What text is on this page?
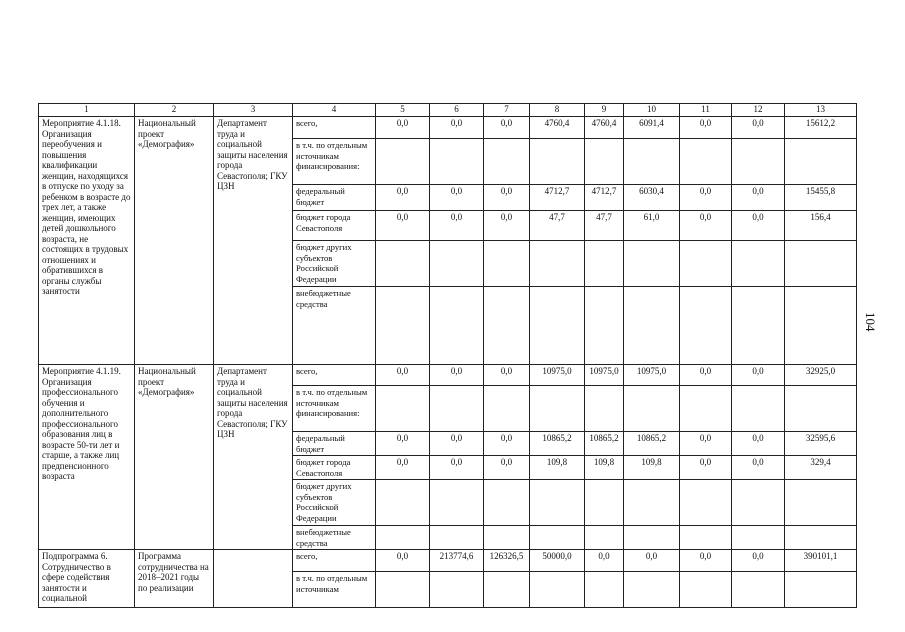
104
1	2	3	4	5	6	7	8	9	10	11	12	13
Мероприятие 4.1.18. Организация переобучения и повышения квалификации женщин, находящихся в отпуске по уходу за ребенком в возрасте до трех лет, а также женщин, имеющих детей дошкольного возраста, не состоящих в трудовых отношениях и обратившихся в органы службы занятости	Национальный проект «Демография»	Департамент труда и социальной защиты населения города Севастополя; ГКУ ЦЗН	всего,	0,0	0,0	0,0	4760,4	4760,4	6091,4	0,0	0,0	15612,2
			в т.ч. по отдельным источникам финансирования:									
			федеральный бюджет	0,0	0,0	0,0	4712,7	4712,7	6030,4	0,0	0,0	15455,8
			бюджет города Севастополя	0,0	0,0	0,0	47,7	47,7	61,0	0,0	0,0	156,4
			бюджет других субъектов Российской Федерации									
			внебюджетные средства									
Мероприятие 4.1.19. Организация профессионального обучения и дополнительного профессионального образования лиц в возрасте 50-ти лет и старше, а также лиц предпенсионного возраста	Национальный проект «Демография»	Департамент труда и социальной защиты населения города Севастополя; ГКУ ЦЗН	всего,	0,0	0,0	0,0	10975,0	10975,0	10975,0	0,0	0,0	32925,0
			в т.ч. по отдельным источникам финансирования:									
			федеральный бюджет	0,0	0,0	0,0	10865,2	10865,2	10865,2	0,0	0,0	32595,6
			бюджет города Севастополя	0,0	0,0	0,0	109,8	109,8	109,8	0,0	0,0	329,4
			бюджет других субъектов Российской Федерации									
			внебюджетные средства									
Подпрограмма 6. Сотрудничество в сфере содействия занятости и социальной	Программа сотрудничества на 2018–2021 годы по реализации		всего,	0,0	213774,6	126326,5	50000,0	0,0	0,0	0,0	0,0	390101,1
			в т.ч. по отдельным источникам									
